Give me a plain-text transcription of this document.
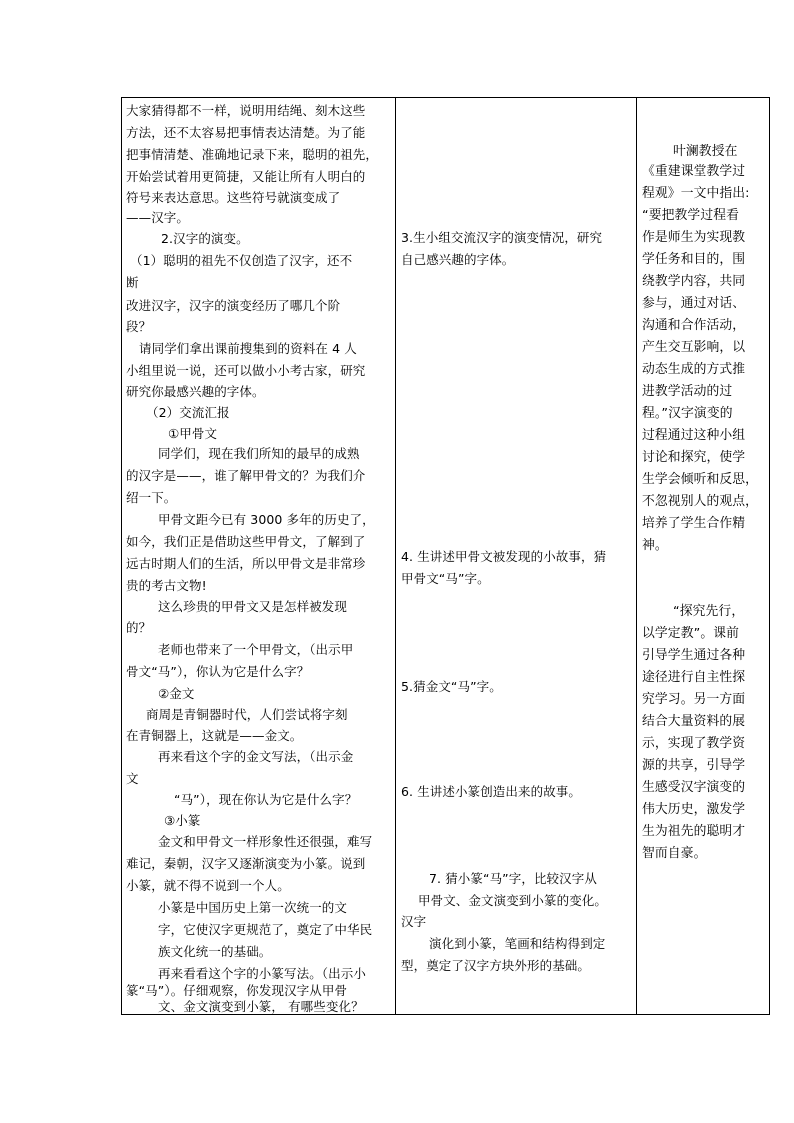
大家猜得都不一样，说明用结绳、刻木这些
方法，还不太容易把事情表达清楚。为了能
把事情清楚、准确地记录下来，聪明的祖先，
开始尝试着用更简捷，又能让所有人明白的
符号来表达意思。这些符号就演变成了
——汉字。
2.汉字的演变。
（1）聪明的祖先不仅创造了汉字，还不
断
改进汉字，汉字的演变经历了哪几个阶
段？
请同学们拿出课前搜集到的资料在 4 人
小组里说一说，还可以做小小考古家，研究
研究你最感兴趣的字体。
（2）交流汇报
①甲骨文
同学们，现在我们所知的最早的成熟
的汉字是——，谁了解甲骨文的？为我们介
绍一下。
甲骨文距今已有 3000 多年的历史了，
如今，我们正是借助这些甲骨文，了解到了
远古时期人们的生活，所以甲骨文是非常珍
贵的考古文物!
这么珍贵的甲骨文又是怎样被发现
的？
老师也带来了一个甲骨文，（出示甲
骨文“马”），你认为它是什么字？
②金文
商周是青铜器时代，人们尝试将字刻
在青铜器上，这就是——金文。
再来看这个字的金文写法，（出示金
文
“马”），现在你认为它是什么字？
③小篆
金文和甲骨文一样形象性还很强，难写
难记，秦朝，汉字又逐渐演变为小篆。说到
小篆，就不得不说到一个人。
小篆是中国历史上第一次统一的文
字，它使汉字更规范了，奠定了中华民
族文化统一的基础。
再来看看这个字的小篆写法。（出示小
篆“马”）。仔细观察，你发现汉字从甲骨
文、金文演变到小篆， 有哪些变化？

3.生小组交流汉字的演变情况，研究
自己感兴趣的字体。
4. 生讲述甲骨文被发现的小故事，猜
甲骨文“马”字。
5.猜金文“马”字。
6. 生讲述小篆创造出来的故事。
7. 猜小篆“马”字，比较汉字从
甲骨文、金文演变到小篆的变化。
汉字
演化到小篆，笔画和结构得到定
型，奠定了汉字方块外形的基础。

叶澜教授在
《重建课堂教学过
程观》一文中指出:
“要把教学过程看
作是师生为实现教
学任务和目的，围
绕教学内容，共同
参与，通过对话、
沟通和合作活动，
产生交互影响，以
动态生成的方式推
进教学活动的过
程。”汉字演变的
过程通过这种小组
讨论和探究，使学
生学会倾听和反思，
不忽视别人的观点，
培养了学生合作精
神。
“探究先行，
以学定教”。课前
引导学生通过各种
途径进行自主性探
究学习。另一方面
结合大量资料的展
示，实现了教学资
源的共享，引导学
生感受汉字演变的
伟大历史，激发学
生为祖先的聪明才
智而自豪。
